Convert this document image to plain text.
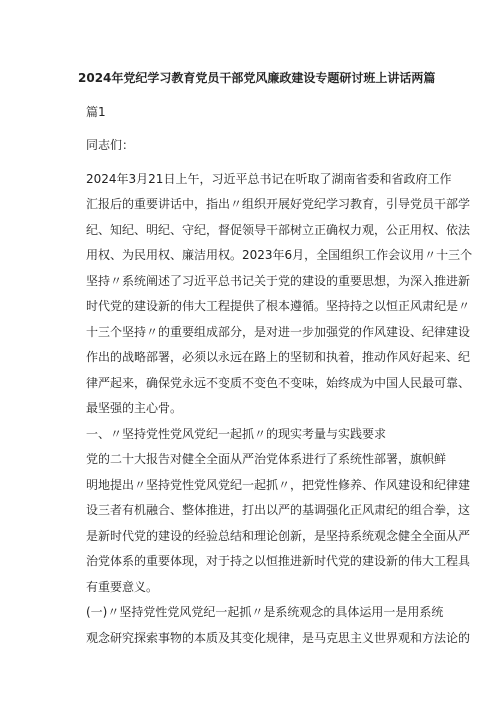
2024年党纪学习教育党员干部党风廉政建设专题研讨班上讲话两篇
篇1
同志们：
2024年3月21日上午，习近平总书记在听取了湖南省委和省政府工作
汇报后的重要讲话中，指出〃组织开展好党纪学习教育，引导党员干部学
纪、知纪、明纪、守纪，督促领导干部树立正确权力观，公正用权、依法
用权、为民用权、廉洁用权。2023年6月，全国组织工作会议用〃十三个
坚持〃系统阐述了习近平总书记关于党的建设的重要思想，为深入推进新
时代党的建设新的伟大工程提供了根本遵循。坚持持之以恒正风肃纪是〃
十三个坚持〃的重要组成部分，是对进一步加强党的作风建设、纪律建设
作出的战略部署，必须以永远在路上的坚韧和执着，推动作风好起来、纪
律严起来，确保党永远不变质不变色不变味，始终成为中国人民最可靠、
最坚强的主心骨。
一、〃坚持党性党风党纪一起抓〃的现实考量与实践要求
党的二十大报告对健全全面从严治党体系进行了系统性部署，旗帜鲜
明地提出〃坚持党性党风党纪一起抓〃，把党性修养、作风建设和纪律建
设三者有机融合、整体推进，打出以严的基调强化正风肃纪的组合拳，这
是新时代党的建设的经验总结和理论创新，是坚持系统观念健全全面从严
治党体系的重要体现，对于持之以恒推进新时代党的建设新的伟大工程具
有重要意义。
(一)〃坚持党性党风党纪一起抓〃是系统观念的具体运用一是用系统
观念研究探索事物的本质及其变化规律，是马克思主义世界观和方法论的
